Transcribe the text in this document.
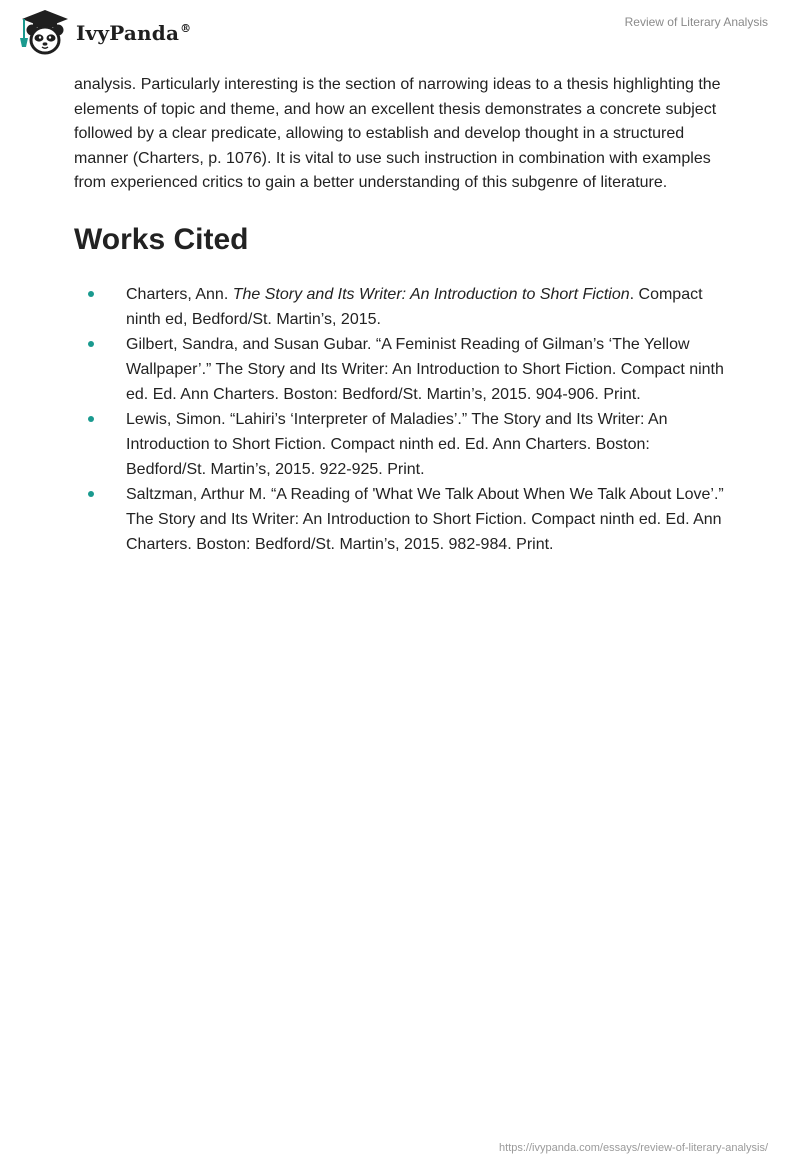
IvyPanda®	Review of Literary Analysis

analysis. Particularly interesting is the section of narrowing ideas to a thesis highlighting the elements of topic and theme, and how an excellent thesis demonstrates a concrete subject followed by a clear predicate, allowing to establish and develop thought in a structured manner (Charters, p. 1076). It is vital to use such instruction in combination with examples from experienced critics to gain a better understanding of this subgenre of literature.

Works Cited
Charters, Ann. The Story and Its Writer: An Introduction to Short Fiction. Compact ninth ed, Bedford/St. Martin’s, 2015.
Gilbert, Sandra, and Susan Gubar. “A Feminist Reading of Gilman’s ‘The Yellow Wallpaper’.” The Story and Its Writer: An Introduction to Short Fiction. Compact ninth ed. Ed. Ann Charters. Boston: Bedford/St. Martin’s, 2015. 904-906. Print.
Lewis, Simon. “Lahiri’s ‘Interpreter of Maladies’.” The Story and Its Writer: An Introduction to Short Fiction. Compact ninth ed. Ed. Ann Charters. Boston: Bedford/St. Martin’s, 2015. 922-925. Print.
Saltzman, Arthur M. “A Reading of 'What We Talk About When We Talk About Love’.” The Story and Its Writer: An Introduction to Short Fiction. Compact ninth ed. Ed. Ann Charters. Boston: Bedford/St. Martin’s, 2015. 982-984. Print.
https://ivypanda.com/essays/review-of-literary-analysis/
